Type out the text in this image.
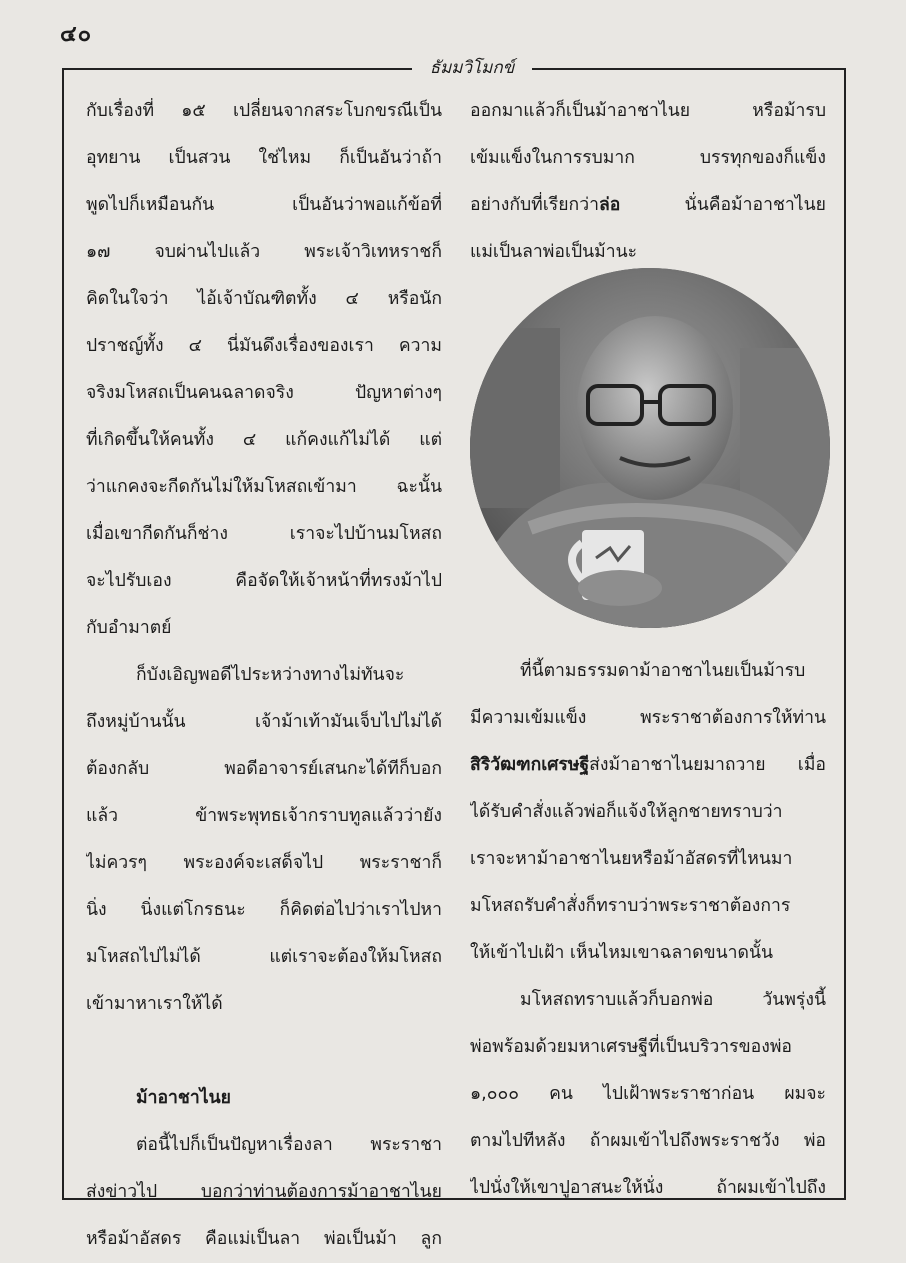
๔๐
ธัมมวิโมกข์
กับเรื่องที่ ๑๕ เปลี่ยนจากสระโบกขรณีเป็น
อุทยาน เป็นสวน ใช่ไหม ก็เป็นอันว่าถ้า
พูดไปก็เหมือนกัน เป็นอันว่าพอแก้ข้อที่
๑๗ จบผ่านไปแล้ว พระเจ้าวิเทหราชก็
คิดในใจว่า ไอ้เจ้าบัณฑิตทั้ง ๔ หรือนัก
ปราชญ์ทั้ง ๔ นี่มันดึงเรื่องของเรา ความ
จริงมโหสถเป็นคนฉลาดจริง ปัญหาต่างๆ
ที่เกิดขึ้นให้คนทั้ง ๔ แก้คงแก้ไม่ได้ แต่
ว่าแกคงจะกีดกันไม่ให้มโหสถเข้ามา ฉะนั้น
เมื่อเขากีดกันก็ช่าง เราจะไปบ้านมโหสถ
จะไปรับเอง คือจัดให้เจ้าหน้าที่ทรงม้าไป
กับอำมาตย์
ก็บังเอิญพอดีไประหว่างทางไม่ทันจะ
ถึงหมู่บ้านนั้น เจ้าม้าเท้ามันเจ็บไปไม่ได้
ต้องกลับ พอดีอาจารย์เสนกะได้ทีก็บอก
แล้ว ข้าพระพุทธเจ้ากราบทูลแล้วว่ายัง
ไม่ควรๆ พระองค์จะเสด็จไป พระราชาก็
นิ่ง นิ่งแต่โกรธนะ ก็คิดต่อไปว่าเราไปหา
มโหสถไปไม่ได้ แต่เราจะต้องให้มโหสถ
เข้ามาหาเราให้ได้
ม้าอาชาไนย
ต่อนี้ไปก็เป็นปัญหาเรื่องลา พระราชา
ส่งข่าวไป บอกว่าท่านต้องการม้าอาชาไนย
หรือม้าอัสดร คือแม่เป็นลา พ่อเป็นม้า ลูก
ออกมาแล้วก็เป็นม้าอาชาไนย หรือม้ารบ
เข้มแข็งในการรบมาก บรรทุกของก็แข็ง
อย่างกับที่เรียกว่าล่อ นั่นคือม้าอาชาไนย
แม่เป็นลาพ่อเป็นม้านะ
ที่นี้ตามธรรมดาม้าอาชาไนยเป็นม้ารบ
มีความเข้มแข็ง พระราชาต้องการให้ท่าน
สิริวัฒฑกเศรษฐีส่งม้าอาชาไนยมาถวาย เมื่อ
ได้รับคำสั่งแล้วพ่อก็แจ้งให้ลูกชายทราบว่า
เราจะหาม้าอาชาไนยหรือม้าอัสดรที่ไหนมา
มโหสถรับคำสั่งก็ทราบว่าพระราชาต้องการ
ให้เข้าไปเฝ้า เห็นไหมเขาฉลาดขนาดนั้น
มโหสถทราบแล้วก็บอกพ่อ วันพรุ่งนี้
พ่อพร้อมด้วยมหาเศรษฐีที่เป็นบริวารของพ่อ
๑,๐๐๐ คน ไปเฝ้าพระราชาก่อน ผมจะ
ตามไปทีหลัง ถ้าผมเข้าไปถึงพระราชวัง พ่อ
ไปนั่งให้เขาปูอาสนะให้นั่ง ถ้าผมเข้าไปถึง
